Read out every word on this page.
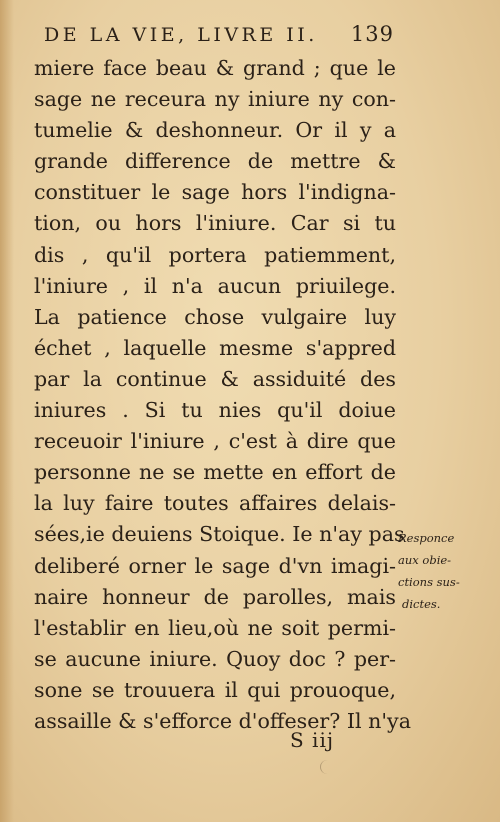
DE LA VIE, LIVRE II. 139
miere face beau & grand ; que le
sage ne receura ny iniure ny con-
tumelie & deshonneur. Or il y a
grande difference de mettre &
constituer le sage hors l'indigna-
tion, ou hors l'iniure. Car si tu
dis , qu'il portera patiemment,
l'iniure , il n'a aucun priuilege.
La patience chose vulgaire luy
échet , laquelle mesme s'appred
par la continue & assiduité des
iniures . Si tu nies qu'il doiue
receuoir l'iniure , c'est à dire que
personne ne se mette en effort de
la luy faire toutes affaires delais-
sées,ie deuiens Stoique. Ie n'ay pas
deliberé orner le sage d'vn imagi-
naire honneur de parolles, mais
l'establir en lieu,où ne soit permi-
se aucune iniure. Quoy doc ? per-
sone se trouuera il qui prouoque,
assaille & s'efforce d'offeser? Il n'ya
Responce
aux obie-
ctions sus-
dictes.
S iij
